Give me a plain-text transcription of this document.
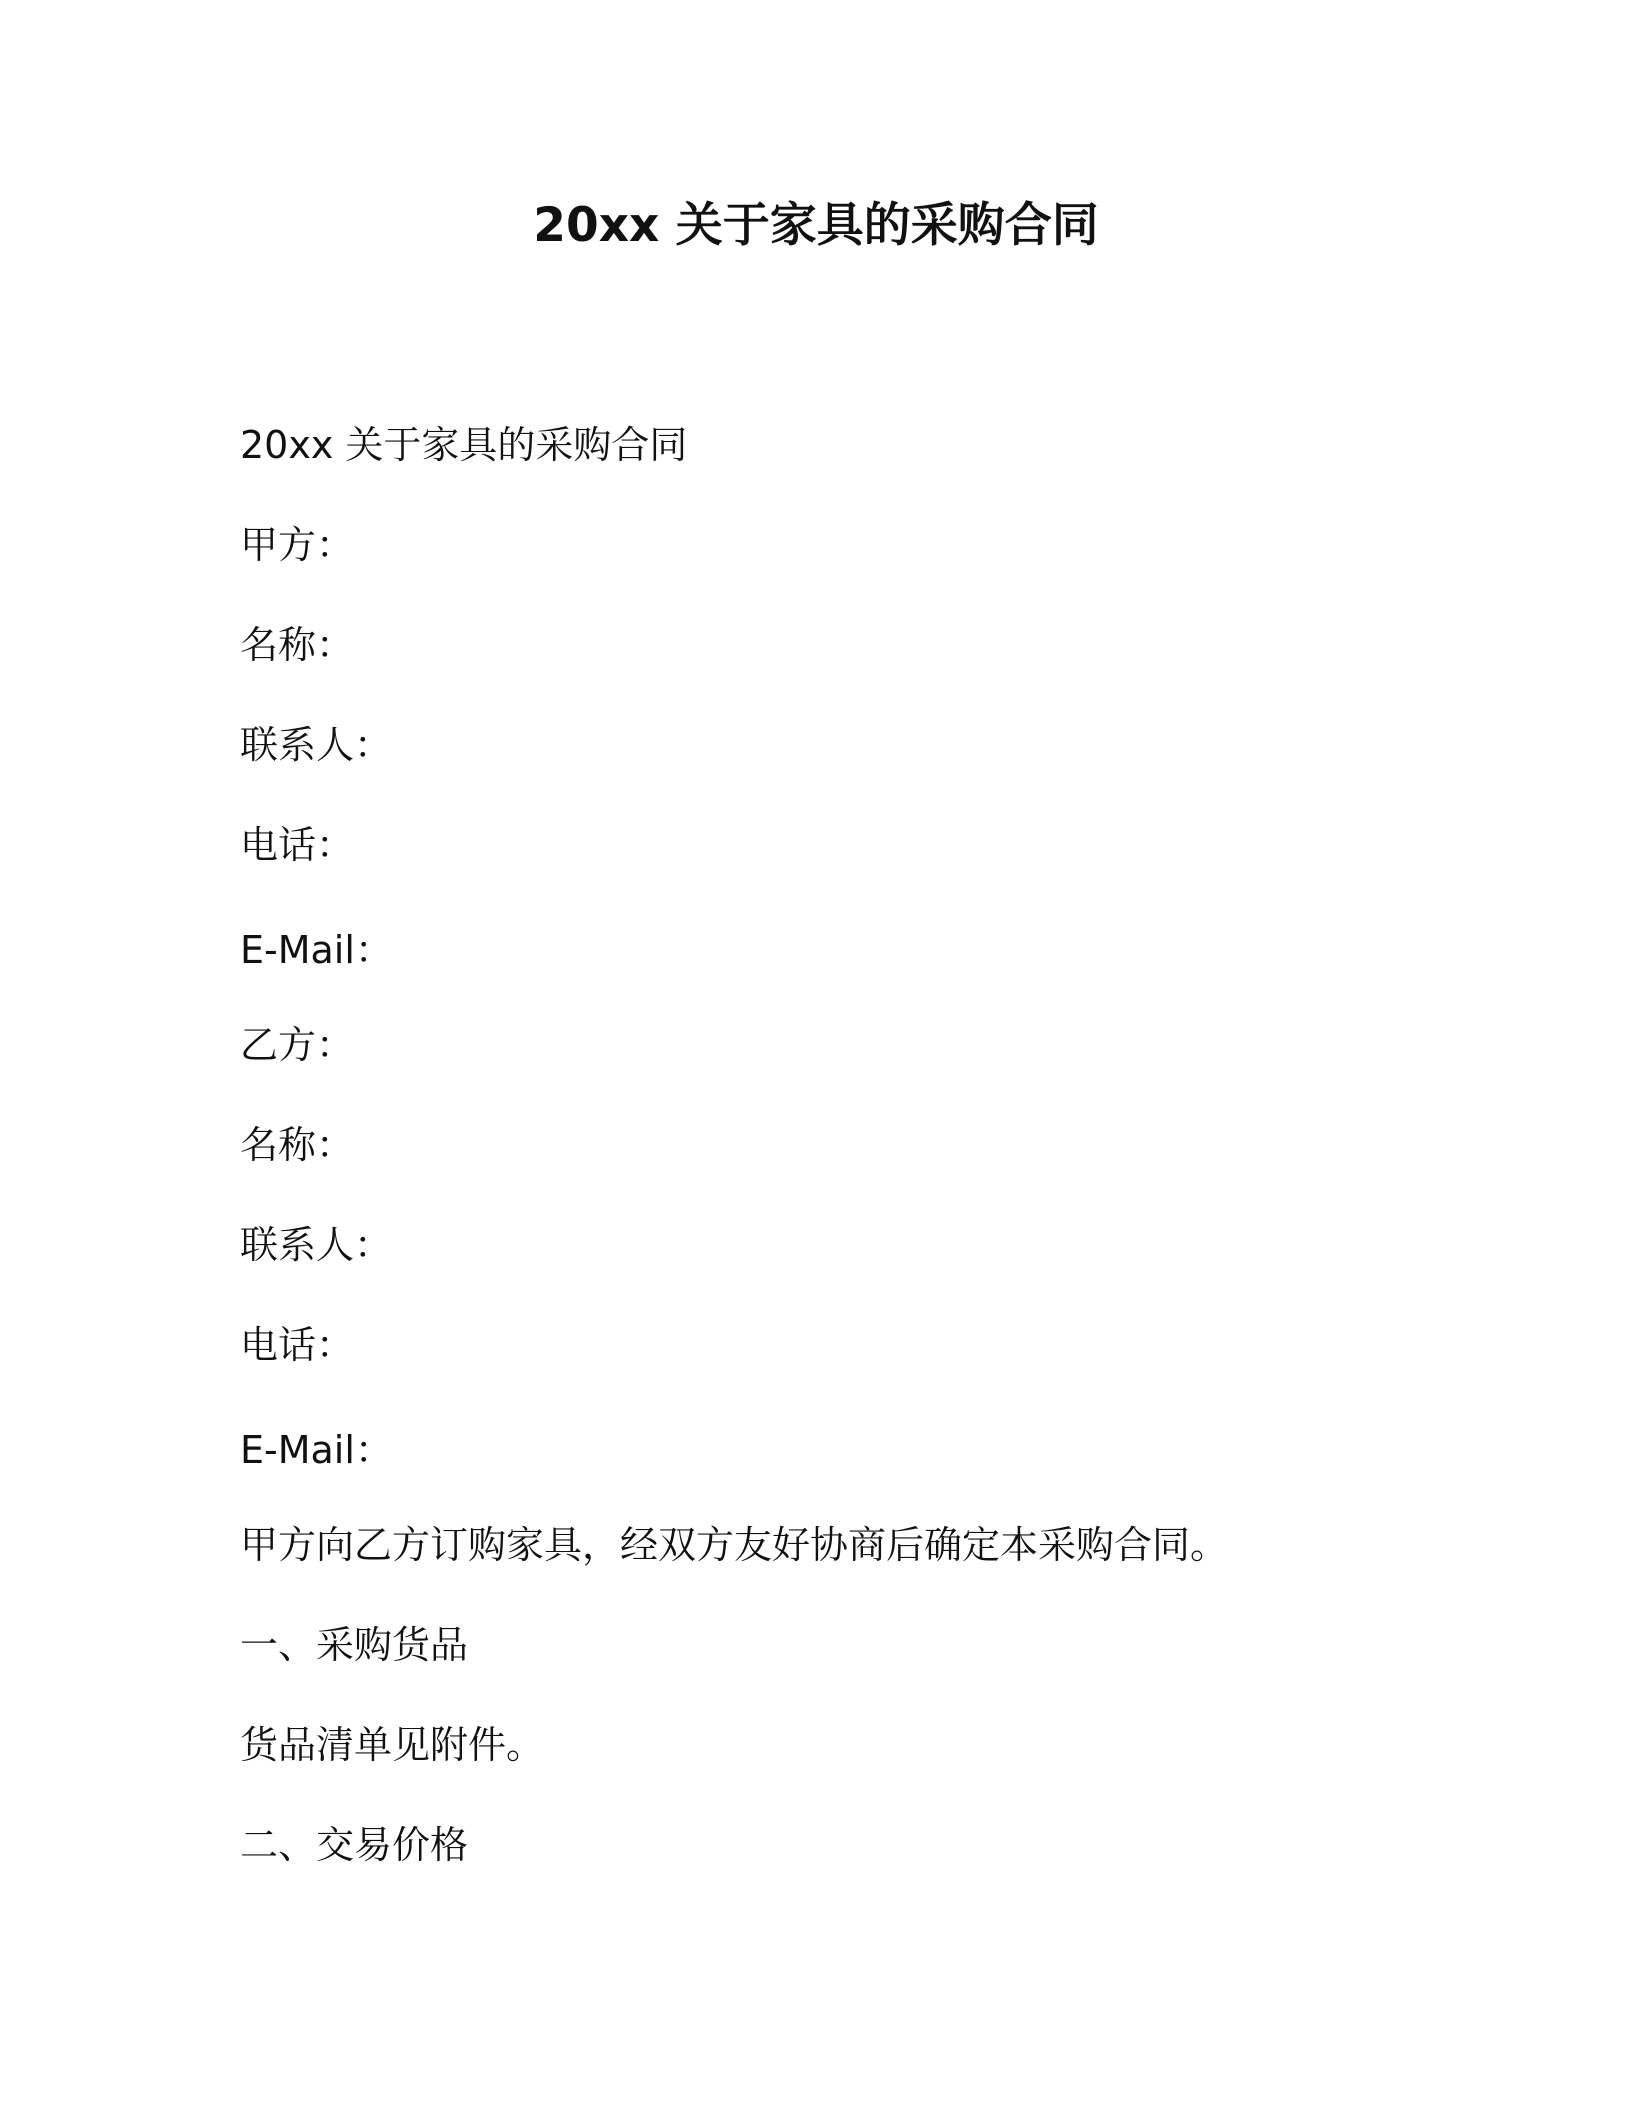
20xx 关于家具的采购合同
20xx 关于家具的采购合同
甲方：
名称：
联系人：
电话：
E-Mail：
乙方：
名称：
联系人：
电话：
E-Mail：
甲方向乙方订购家具，经双方友好协商后确定本采购合同。
一、采购货品
货品清单见附件。
二、交易价格
